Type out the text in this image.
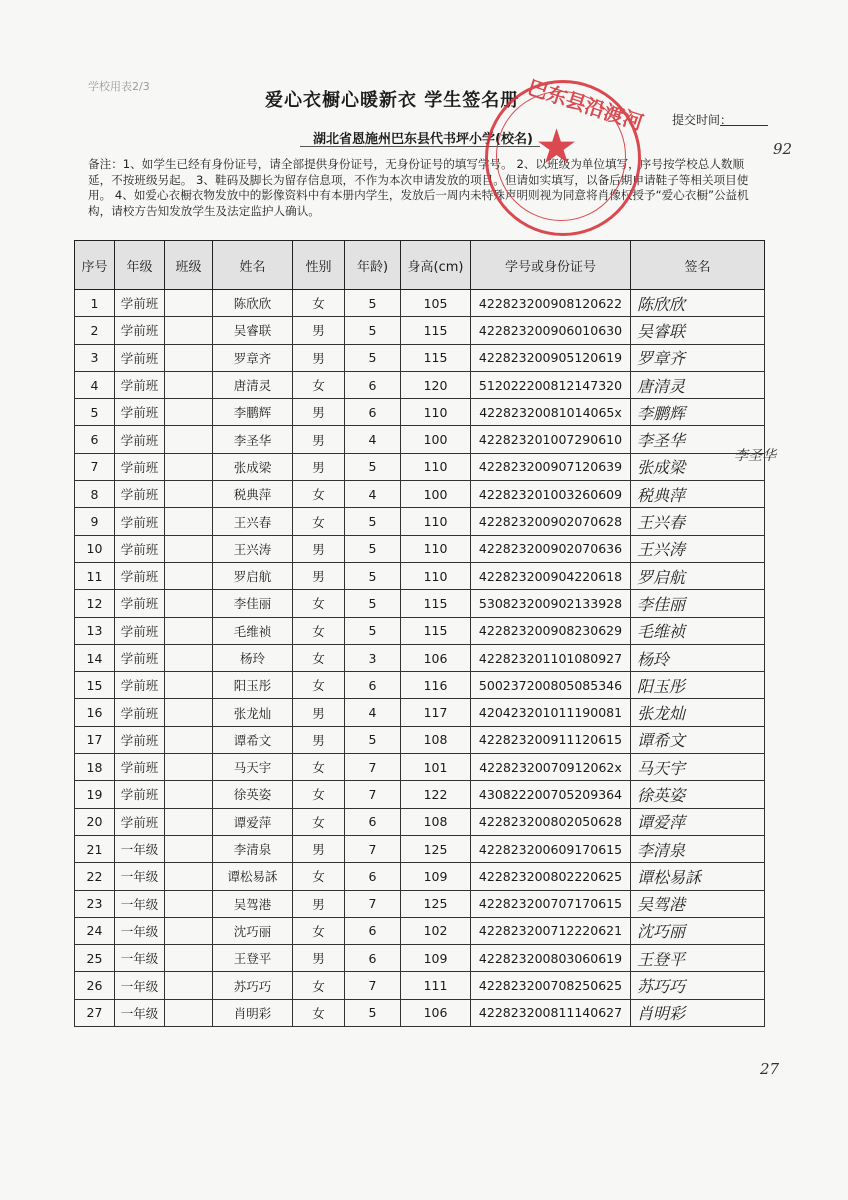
学校用表2/3
爱心衣橱心暖新衣 学生签名册
提交时间：
湖北省恩施州巴东县代书坪小学(校名)
备注：1、如学生已经有身份证号，请全部提供身份证号，无身份证号的填写学号。 2、以班级为单位填写，序号按学校总人数顺延，不按班级另起。 3、鞋码及脚长为留存信息项，不作为本次申请发放的项目。但请如实填写，以备后期申请鞋子等相关项目使用。 4、如爱心衣橱衣物发放中的影像资料中有本册内学生，发放后一周内未特殊声明则视为同意将肖像权授予“爱心衣橱”公益机构，请校方告知发放学生及法定监护人确认。
★
巴东县沿渡河
92
序号	年级	班级	姓名	性别	年龄)	身高(cm)	学号或身份证号	签名
1	学前班		陈欣欣	女	5	105	422823200908120622	陈欣欣
2	学前班		吴睿联	男	5	115	422823200906010630	吴睿联
3	学前班		罗章齐	男	5	115	422823200905120619	罗章齐
4	学前班		唐清灵	女	6	120	512022200812147320	唐清灵
5	学前班		李鹏辉	男	6	110	42282320081014065x	李鹏辉
6	学前班		李圣华	男	4	100	422823201007290610	李圣华
7	学前班		张成梁	男	5	110	422823200907120639	张成梁
8	学前班		税典萍	女	4	100	422823201003260609	税典萍
9	学前班		王兴春	女	5	110	422823200902070628	王兴春
10	学前班		王兴涛	男	5	110	422823200902070636	王兴涛
11	学前班		罗启航	男	5	110	422823200904220618	罗启航
12	学前班		李佳丽	女	5	115	530823200902133928	李佳丽
13	学前班		毛维祯	女	5	115	422823200908230629	毛维祯
14	学前班		杨玲	女	3	106	422823201101080927	杨玲
15	学前班		阳玉彤	女	6	116	500237200805085346	阳玉彤
16	学前班		张龙灿	男	4	117	420423201011190081	张龙灿
17	学前班		谭希文	男	5	108	422823200911120615	谭希文
18	学前班		马天宇	女	7	101	42282320070912062x	马天宇
19	学前班		徐英姿	女	7	122	430822200705209364	徐英姿
20	学前班		谭爱萍	女	6	108	422823200802050628	谭爱萍
21	一年级		李清泉	男	7	125	422823200609170615	李清泉
22	一年级		谭松易訸	女	6	109	422823200802220625	谭松易訸
23	一年级		吴驾港	男	7	125	422823200707170615	吴驾港
24	一年级		沈巧丽	女	6	102	422823200712220621	沈巧丽
25	一年级		王登平	男	6	109	422823200803060619	王登平
26	一年级		苏巧巧	女	7	111	422823200708250625	苏巧巧
27	一年级		肖明彩	女	5	106	422823200811140627	肖明彩
李圣华
27
